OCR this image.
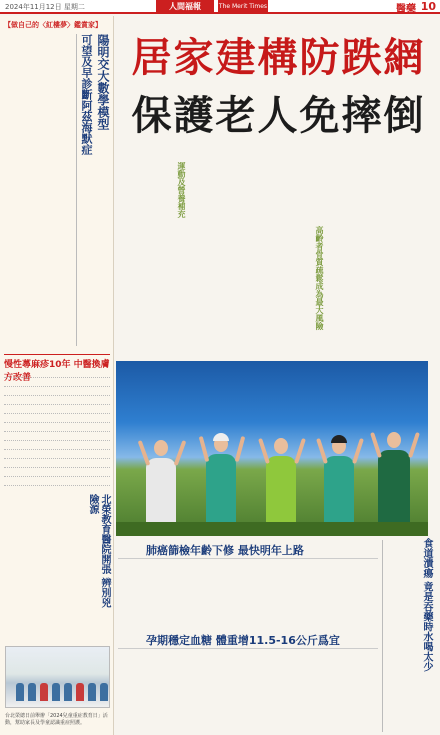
2024年11月12日 星期二	人間福報	The Merit Times	醫藥 10
【做自己的〈紅樓夢〉鑑賞家】
陽明交大數學模型
可望及早診斷阿茲海默症
慢性蕁麻疹10年 中醫換膚方改善
北榮教育醫院開張 辨別兇險源
台北榮總日前舉辦「2024兒童重症教育日」活動，幫助家長及學童認識重症照護。
居家建構防跌網
保護老人免摔倒
高齡者骨質疏鬆成為最大風險
運動及營養補充
肺癌篩檢年齡下修 最快明年上路
孕期穩定血糖 體重增11.5-16公斤爲宜	食道潰瘍 竟是吞藥時水喝太少
